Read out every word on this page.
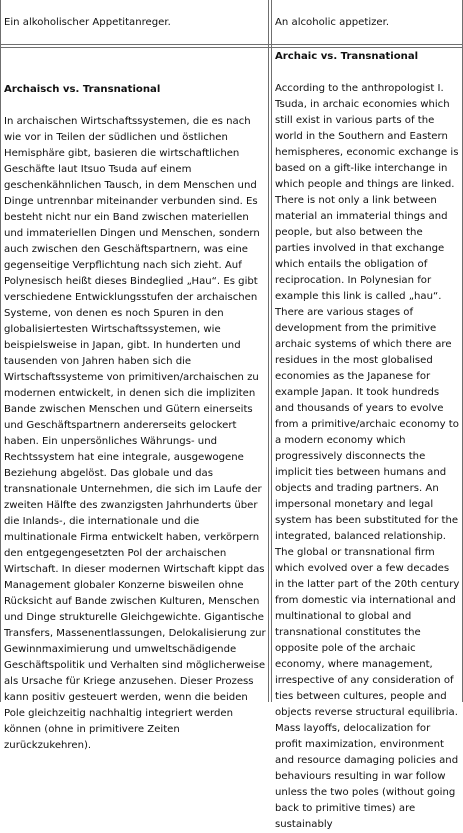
Ein alkoholischer Appetitanreger.	An alcoholic appetizer.

Archaisch vs. Transnational

In archaischen Wirtschaftssystemen, die es nach wie vor in Teilen der südlichen und östlichen Hemisphäre gibt, basieren die wirtschaftlichen Geschäfte laut Itsuo Tsuda auf einem geschenkähnlichen Tausch, in dem Menschen und Dinge untrennbar miteinander verbunden sind. Es besteht nicht nur ein Band zwischen materiellen und immateriellen Dingen und Menschen, sondern auch zwischen den Geschäftspartnern, was eine gegenseitige Verpflichtung nach sich zieht. Auf Polynesisch heißt dieses Bindeglied „Hau“. Es gibt verschiedene Entwicklungsstufen der archaischen Systeme, von denen es noch Spuren in den globalisiertesten Wirtschaftssystemen, wie beispielsweise in Japan, gibt. In hunderten und tausenden von Jahren haben sich die Wirtschaftssysteme von primitiven/archaischen zu modernen entwickelt, in denen sich die impliziten Bande zwischen Menschen und Gütern einerseits und Geschäftspartnern andererseits gelockert haben. Ein unpersönliches Währungs- und Rechtssystem hat eine integrale, ausgewogene Beziehung abgelöst. Das globale und das transnationale Unternehmen, die sich im Laufe der zweiten Hälfte des zwanzigsten Jahrhunderts über die Inlands-, die internationale und die multinationale Firma entwickelt haben, verkörpern den entgegengesetzten Pol der archaischen Wirtschaft. In dieser modernen Wirtschaft kippt das Management globaler Konzerne bisweilen ohne Rücksicht auf Bande zwischen Kulturen, Menschen und Dinge strukturelle Gleichgewichte. Gigantische Transfers, Massenentlassungen, Delokalisierung zur Gewinnmaximierung und umweltschädigende Geschäftspolitik und Verhalten sind möglicherweise als Ursache für Kriege anzusehen. Dieser Prozess kann positiv gesteuert werden, wenn die beiden Pole gleichzeitig nachhaltig integriert werden können (ohne in primitivere Zeiten zurückzukehren).

Archaic vs. Transnational

According to the anthropologist I. Tsuda, in archaic economies which still exist in various parts of the world in the Southern and Eastern hemispheres, economic exchange is based on a gift-like interchange in which people and things are linked. There is not only a link between material an immaterial things and people, but also between the parties involved in that exchange which entails the obligation of reciprocation. In Polynesian for example this link is called „hau“. There are various stages of development from the primitive archaic systems of which there are residues in the most globalised economies as the Japanese for example Japan. It took hundreds and thousands of years to evolve from a primitive/archaic economy to a modern economy which progressively disconnects the implicit ties between humans and objects and trading partners. An impersonal monetary and legal system has been substituted for the integrated, balanced relationship. The global or transnational firm which evolved over a few decades in the latter part of the 20th century from domestic via international and multinational to global and transnational constitutes the opposite pole of the archaic economy, where management, irrespective of any consideration of ties between cultures, people and objects reverse structural equilibria. Mass layoffs, delocalization for profit maximization, environment and resource damaging policies and behaviours resulting in war follow unless the two poles (without going back to primitive times) are sustainably
